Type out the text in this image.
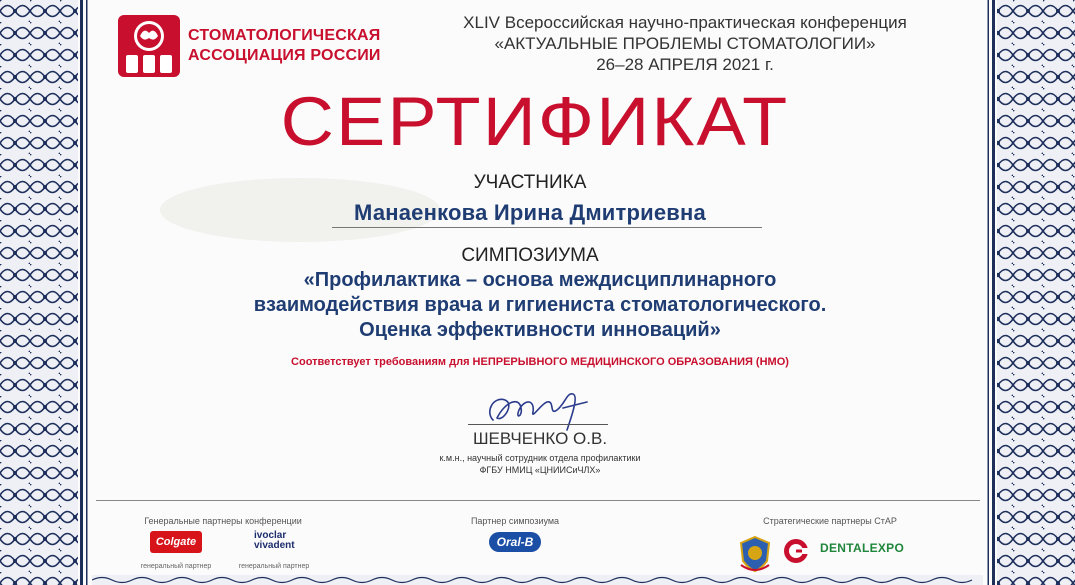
СТОМАТОЛОГИЧЕСКАЯ
АССОЦИАЦИЯ РОССИИ
XLIV Всероссийская научно-практическая конференция
«АКТУАЛЬНЫЕ ПРОБЛЕМЫ СТОМАТОЛОГИИ»
26–28 АПРЕЛЯ 2021 г.
СЕРТИФИКАТ
УЧАСТНИКА
Манаенкова Ирина Дмитриевна
СИМПОЗИУМА
«Профилактика – основа междисциплинарного
взаимодействия врача и гигиениста стоматологического.
Оценка эффективности инноваций»
Соответствует требованиям для НЕПРЕРЫВНОГО МЕДИЦИНСКОГО ОБРАЗОВАНИЯ (НМО)
ШЕВЧЕНКО О.В.
к.м.н., научный сотрудник отдела профилактики
ФГБУ НМИЦ «ЦНИИСиЧЛХ»
Генеральные партнеры конференции	Партнер симпозиума	Стратегические партнеры СтАР
Colgate
генеральный партнер
ivoclar
vivadent
генеральный партнер
Oral-B	DENTALEXPO
